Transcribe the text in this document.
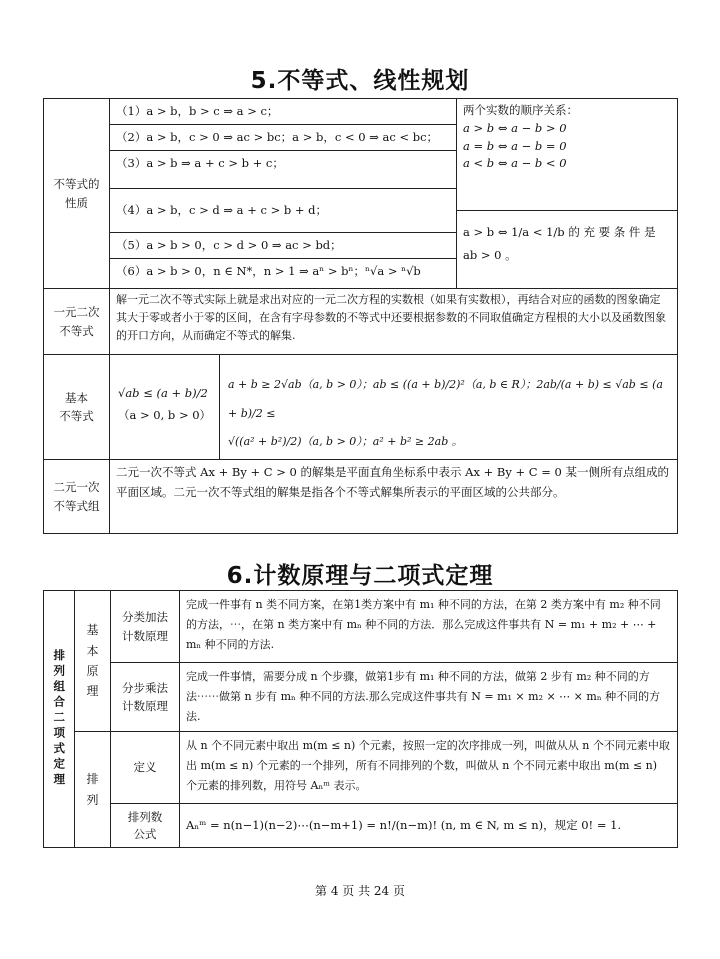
5.不等式、线性规划
不等式的
性质
（1）a > b，b > c ⇒ a > c；
（2）a > b，c > 0 ⇒ ac > bc；a > b，c < 0 ⇒ ac < bc；
（3）a > b ⇒ a + c > b + c；
（4）a > b，c > d ⇒ a + c > b + d；
（5）a > b > 0，c > d > 0 ⇒ ac > bd；
（6）a > b > 0，n ∈ N*，n > 1 ⇒ aⁿ > bⁿ；ⁿ√a > ⁿ√b
两个实数的顺序关系：
a > b ⇔ a − b > 0
a = b ⇔ a − b = 0
a < b ⇔ a − b < 0
a > b ⇔ 1/a < 1/b 的 充 要 条 件 是
ab > 0 。
一元二次
不等式
解一元二次不等式实际上就是求出对应的一元二次方程的实数根（如果有实数根），再结合对应的函数的图象确定其大于零或者小于零的区间，在含有字母参数的不等式中还要根据参数的不同取值确定方程根的大小以及函数图象的开口方向，从而确定不等式的解集.
基本
不等式
√ab ≤ (a + b)/2
（a > 0, b > 0）
a + b ≥ 2√ab（a, b > 0）；ab ≤ ((a + b)/2)²（a, b ∈ R）；2ab/(a + b) ≤ √ab ≤ (a + b)/2 ≤
√((a² + b²)/2)（a, b > 0）；a² + b² ≥ 2ab 。
二元一次
不等式组
二元一次不等式 Ax + By + C > 0 的解集是平面直角坐标系中表示 Ax + By + C = 0 某一侧所有点组成的平面区域。二元一次不等式组的解集是指各个不等式解集所表示的平面区域的公共部分。
6.计数原理与二项式定理
排列组合二项式定理
基本原理
排列
分类加法
计数原理
完成一件事有 n 类不同方案，在第1类方案中有 m₁ 种不同的方法，在第 2 类方案中有 m₂ 种不同的方法，⋯，在第 n 类方案中有 mₙ 种不同的方法．那么完成这件事共有 N = m₁ + m₂ + ⋯ + mₙ 种不同的方法.
分步乘法
计数原理
完成一件事情，需要分成 n 个步骤，做第1步有 m₁ 种不同的方法，做第 2 步有 m₂ 种不同的方法⋯⋯做第 n 步有 mₙ 种不同的方法.那么完成这件事共有 N = m₁ × m₂ × ⋯ × mₙ 种不同的方法.
定义
从 n 个不同元素中取出 m(m ≤ n) 个元素，按照一定的次序排成一列，叫做从从 n 个不同元素中取出 m(m ≤ n) 个元素的一个排列，所有不同排列的个数，叫做从 n 个不同元素中取出 m(m ≤ n) 个元素的排列数，用符号 Aₙᵐ 表示。
排列数
公式
Aₙᵐ = n(n−1)(n−2)⋯(n−m+1) = n!/(n−m)! (n, m ∈ N, m ≤ n)，规定 0! = 1.
第 4 页 共 24 页
